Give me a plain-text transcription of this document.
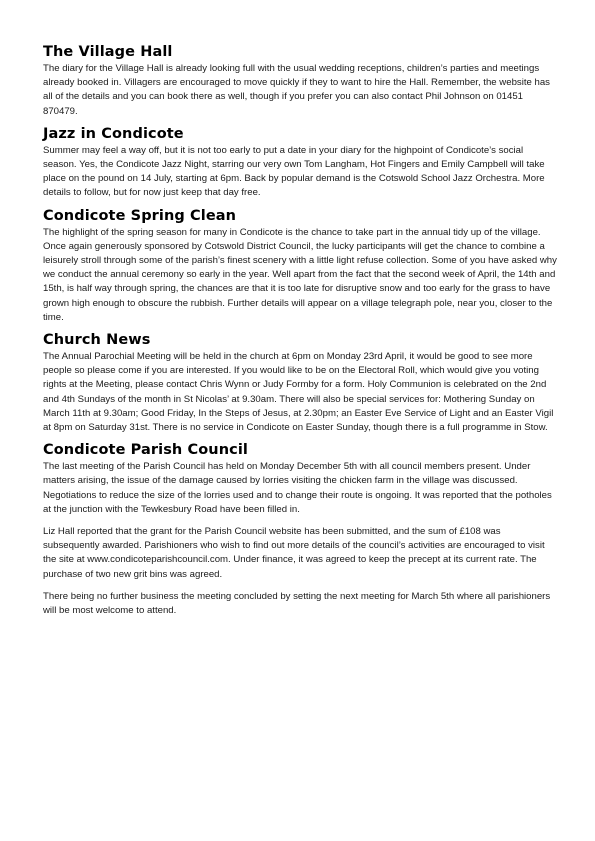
The Village Hall

The diary for the Village Hall is already looking full with the usual wedding receptions, children’s parties and meetings already booked in. Villagers are encouraged to move quickly if they to want to hire the Hall. Remember, the website has all of the details and you can book there as well, though if you prefer you can also contact Phil Johnson on 01451 870479.

Jazz in Condicote

Summer may feel a way off, but it is not too early to put a date in your diary for the highpoint of Condicote’s social season. Yes, the Condicote Jazz Night, starring our very own Tom Langham, Hot Fingers and Emily Campbell will take place on the pound on 14 July, starting at 6pm. Back by popular demand is the Cotswold School Jazz Orchestra. More details to follow, but for now just keep that day free.

Condicote Spring Clean

The highlight of the spring season for many in Condicote is the chance to take part in the annual tidy up of the village. Once again generously sponsored by Cotswold District Council, the lucky participants will get the chance to combine a leisurely stroll through some of the parish’s finest scenery with a little light refuse collection. Some of you have asked why we conduct the annual ceremony so early in the year. Well apart from the fact that the second week of April, the 14th and 15th, is half way through spring, the chances are that it is too late for disruptive snow and too early for the grass to have grown high enough to obscure the rubbish. Further details will appear on a village telegraph pole, near you, closer to the time.

Church News

The Annual Parochial Meeting will be held in the church at 6pm on Monday 23rd April, it would be good to see more people so please come if you are interested. If you would like to be on the Electoral Roll, which would give you voting rights at the Meeting, please contact Chris Wynn or Judy Formby for a form. Holy Communion is celebrated on the 2nd and 4th Sundays of the month in St Nicolas’ at 9.30am. There will also be special services for: Mothering Sunday on March 11th at 9.30am; Good Friday, In the Steps of Jesus, at 2.30pm; an Easter Eve Service of Light and an Easter Vigil at 8pm on Saturday 31st. There is no service in Condicote on Easter Sunday, though there is a full programme in Stow.

Condicote Parish Council

The last meeting of the Parish Council has held on Monday December 5th with all council members present. Under matters arising, the issue of the damage caused by lorries visiting the chicken farm in the village was discussed. Negotiations to reduce the size of the lorries used and to change their route is ongoing. It was reported that the potholes at the junction with the Tewkesbury Road have been filled in.

Liz Hall reported that the grant for the Parish Council website has been submitted, and the sum of £108 was subsequently awarded. Parishioners who wish to find out more details of the council’s activities are encouraged to visit the site at www.condicoteparishcouncil.com. Under finance, it was agreed to keep the precept at its current rate. The purchase of two new grit bins was agreed.

There being no further business the meeting concluded by setting the next meeting for March 5th where all parishioners will be most welcome to attend.
